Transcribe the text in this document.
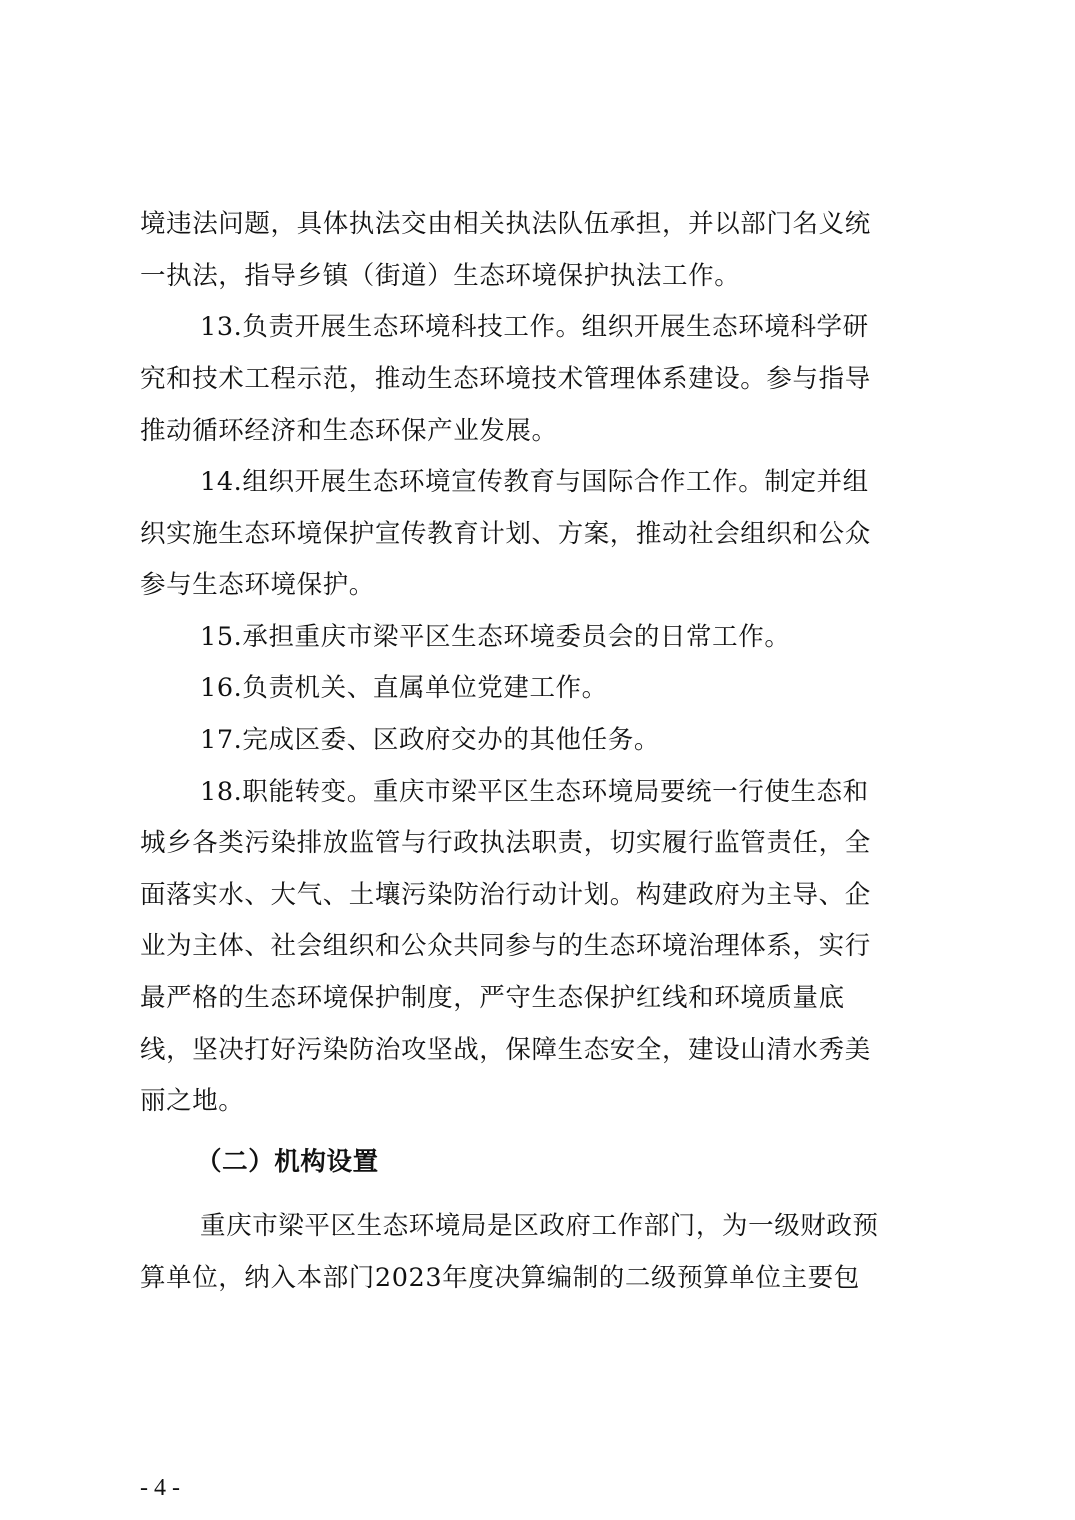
境违法问题，具体执法交由相关执法队伍承担，并以部门名义统
一执法，指导乡镇（街道）生态环境保护执法工作。
13.负责开展生态环境科技工作。组织开展生态环境科学研
究和技术工程示范，推动生态环境技术管理体系建设。参与指导
推动循环经济和生态环保产业发展。
14.组织开展生态环境宣传教育与国际合作工作。制定并组
织实施生态环境保护宣传教育计划、方案，推动社会组织和公众
参与生态环境保护。
15.承担重庆市梁平区生态环境委员会的日常工作。
16.负责机关、直属单位党建工作。
17.完成区委、区政府交办的其他任务。
18.职能转变。重庆市梁平区生态环境局要统一行使生态和
城乡各类污染排放监管与行政执法职责，切实履行监管责任，全
面落实水、大气、土壤污染防治行动计划。构建政府为主导、企
业为主体、社会组织和公众共同参与的生态环境治理体系，实行
最严格的生态环境保护制度，严守生态保护红线和环境质量底
线，坚决打好污染防治攻坚战，保障生态安全，建设山清水秀美
丽之地。
（二）机构设置
重庆市梁平区生态环境局是区政府工作部门，为一级财政预
算单位，纳入本部门2023年度决算编制的二级预算单位主要包
- 4 -
